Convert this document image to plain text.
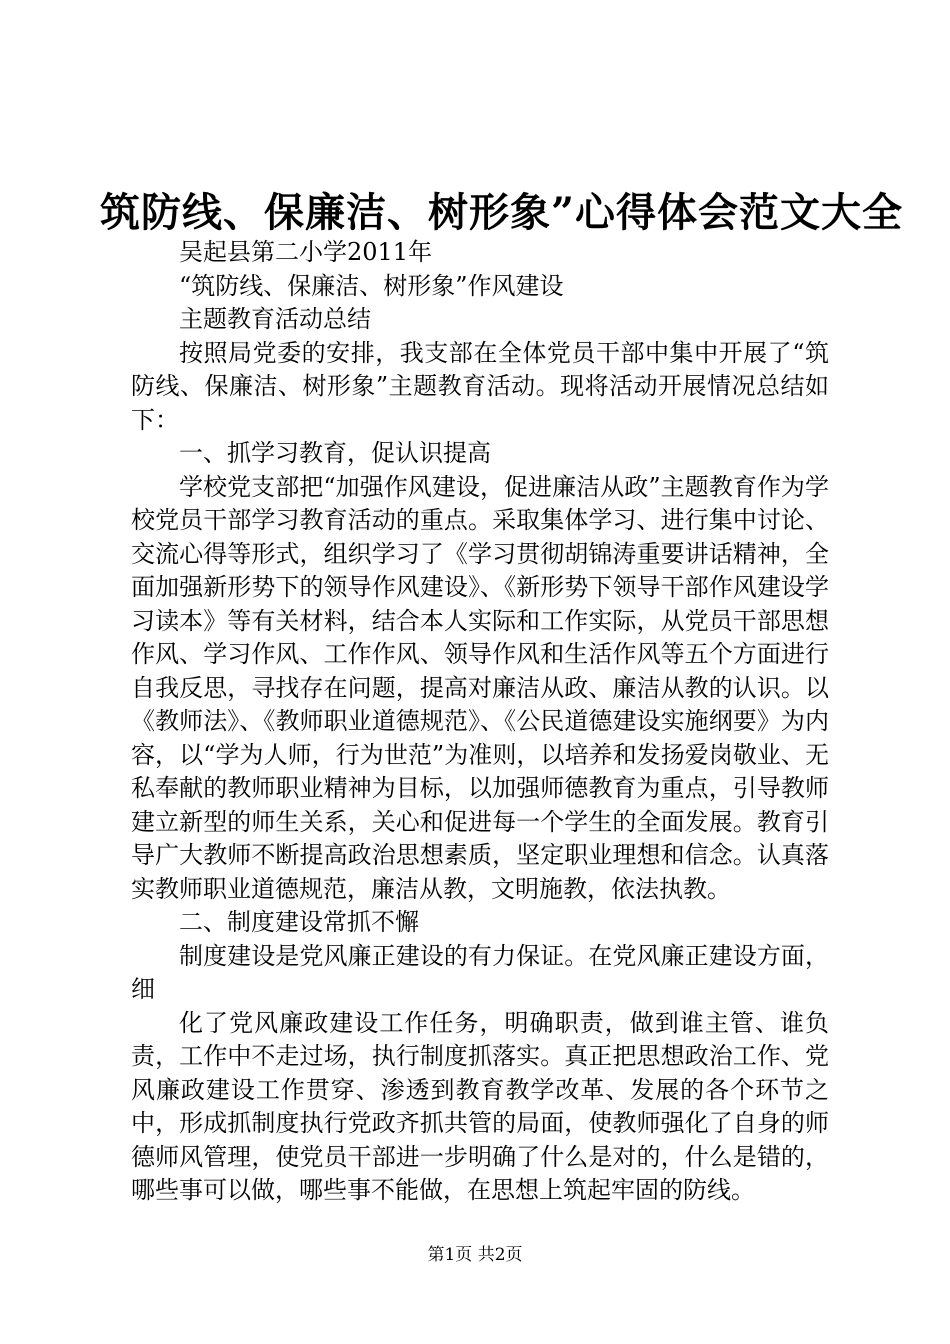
筑防线、保廉洁、树形象”心得体会范文大全

吴起县第二小学2011年

“筑防线、保廉洁、树形象”作风建设

主题教育活动总结

按照局党委的安排，我支部在全体党员干部中集中开展了“筑防线、保廉洁、树形象”主题教育活动。现将活动开展情况总结如下：

一、抓学习教育，促认识提高

学校党支部把“加强作风建设，促进廉洁从政”主题教育作为学校党员干部学习教育活动的重点。采取集体学习、进行集中讨论、交流心得等形式，组织学习了《学习贯彻胡锦涛重要讲话精神，全面加强新形势下的领导作风建设》、《新形势下领导干部作风建设学习读本》等有关材料，结合本人实际和工作实际，从党员干部思想作风、学习作风、工作作风、领导作风和生活作风等五个方面进行自我反思，寻找存在问题，提高对廉洁从政、廉洁从教的认识。以《教师法》、《教师职业道德规范》、《公民道德建设实施纲要》为内容，以“学为人师，行为世范”为准则，以培养和发扬爱岗敬业、无私奉献的教师职业精神为目标，以加强师德教育为重点，引导教师建立新型的师生关系，关心和促进每一个学生的全面发展。教育引导广大教师不断提高政治思想素质，坚定职业理想和信念。认真落实教师职业道德规范，廉洁从教，文明施教，依法执教。

二、制度建设常抓不懈

制度建设是党风廉正建设的有力保证。在党风廉正建设方面，细

化了党风廉政建设工作任务，明确职责，做到谁主管、谁负责，工作中不走过场，执行制度抓落实。真正把思想政治工作、党风廉政建设工作贯穿、渗透到教育教学改革、发展的各个环节之中，形成抓制度执行党政齐抓共管的局面，使教师强化了自身的师德师风管理，使党员干部进一步明确了什么是对的，什么是错的，哪些事可以做，哪些事不能做，在思想上筑起牢固的防线。

第1页 共2页
